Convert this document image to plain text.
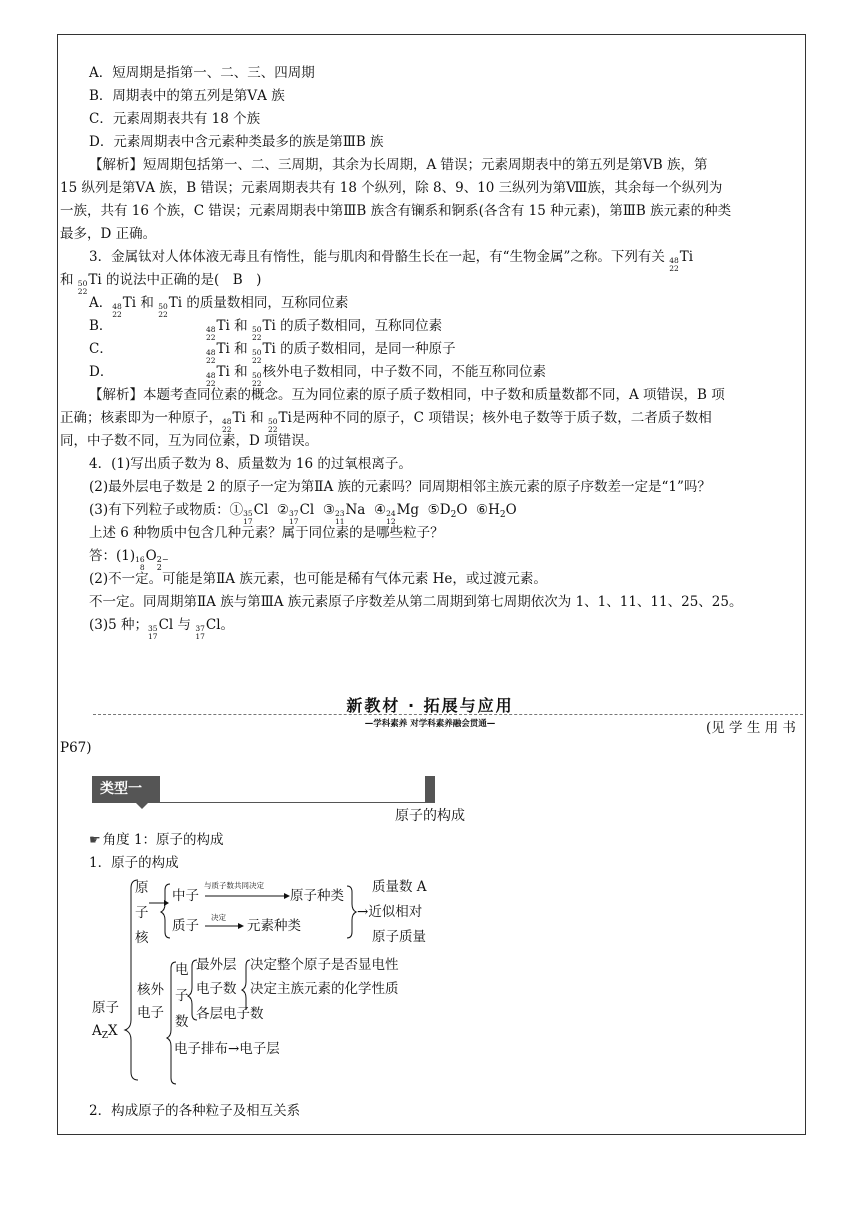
A．短周期是指第一、二、三、四周期
B．周期表中的第五列是第ⅤA 族
C．元素周期表共有 18 个族
D．元素周期表中含元素种类最多的族是第ⅢB 族
【解析】短周期包括第一、二、三周期，其余为长周期，A 错误；元素周期表中的第五列是第ⅤB 族，第
15 纵列是第ⅤA 族，B 错误；元素周期表共有 18 个纵列，除 8、9、10 三纵列为第Ⅷ族，其余每一个纵列为
一族，共有 16 个族，C 错误；元素周期表中第ⅢB 族含有镧系和锕系(各含有 15 种元素)，第ⅢB 族元素的种类
最多，D 正确。
3．金属钛对人体体液无毒且有惰性，能与肌肉和骨骼生长在一起，有“生物金属”之称。下列有关 48
22
Ti
和 50
22
Ti 的说法中正确的是(　B　)
A． 48
22
Ti 和 50
22
Ti 的质量数相同，互称同位素
B．	48
22
Ti 和 50
22
Ti 的质子数相同，互称同位素
C．	48
22
Ti 和 50
22
Ti 的质子数相同，是同一种原子
D．	48
22
Ti 和 50
22
核外电子数相同，中子数不同，不能互称同位素
【解析】本题考查同位素的概念。互为同位素的原子质子数相同，中子数和质量数都不同，A 项错误，B 项
正确；核素即为一种原子， 48
22
Ti 和 50
22
Ti 是两种不同的原子，C 项错误；核外电子数等于质子数，二者质子数相
同，中子数不同，互为同位素，D 项错误。
4．(1)写出质子数为 8、质量数为 16 的过氧根离子。
(2)最外层电子数是 2 的原子一定为第ⅡA 族的元素吗？同周期相邻主族元素的原子序数差一定是“1”吗？
(3)有下列粒子或物质：① 35
17
Cl ② 37
17
Cl ③ 23
11
Na ④ 24
12
Mg $⑤D_2O$ $⑥H_2O$
上述 6 种物质中包含几种元素？属于同位素的是哪些粒子？
答：(1) 16
8
O 2−
2
(2)不一定。可能是第ⅡA 族元素，也可能是稀有气体元素 He，或过渡元素。
不一定。同周期第ⅡA 族与第ⅢA 族元素原子序数差从第二周期到第七周期依次为 1、1、11、11、25、25。
(3)5 种； 35
17
Cl 与 37
17
Cl。
新教材 · 拓展与应用
—学科素养 对学科素养融会贯通—	(见 学 生 用 书
P67)
类型一
原子的构成
☛ 角度 1：原子的构成
1．原子的构成
原
子
核
中子
与质子数共同决定
原子种类
质子
决定
元素种类
质量数 A
→近似相对
原子质量
核外
电子
原子
$A_ZX$
电
子
数
最外层
电子数
各层电子数
决定整个原子是否显电性
决定主族元素的化学性质
电子排布→电子层
2．构成原子的各种粒子及相互关系
